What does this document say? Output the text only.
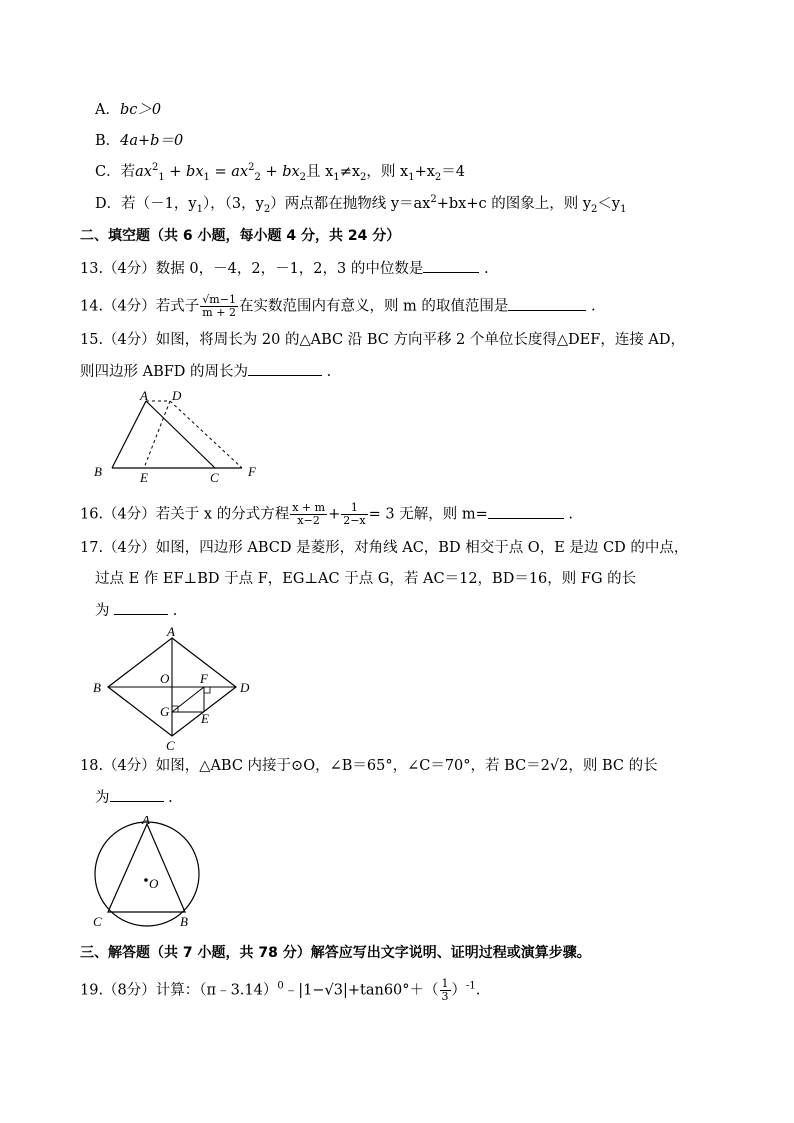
A．bc＞0
B．4a+b＝0
C．若$ax^2_1 + bx_1 = ax^2_2 + bx_2$且 $x_1\ne x_2$，则 $x_1+x_2=4$
D．若（－1，$y_1$），（3，$y_2$）两点都在抛物线 $y=ax^2+bx+c$ 的图象上，则 $y_2<y_1$
二、填空题（共 6 小题，每小题 4 分，共 24 分）
13.（4分）数据 0，－4，2，－1，2，3 的中位数是	.
14.（4分）若式子 $\frac{√m-1}{m + 2}$ 在实数范围内有意义，则 m 的取值范围是	.
15.（4分）如图，将周长为 20 的△ABC 沿 BC 方向平移 2 个单位长度得△DEF，连接 AD，
则四边形 ABFD 的周长为	.
A D
B	E	C F
16.（4分）若关于 x 的分式方程 $\frac{x + m}{x-2} + \frac{1}{2-x} = 3$ 无解，则 m=	.
17.（4分）如图，四边形 ABCD 是菱形，对角线 AC，BD 相交于点 O，E 是边 CD 的中点，
过点 E 作 EF⊥BD 于点 F，EG⊥AC 于点 G，若 AC＝12，BD＝16，则 FG 的长
为	.
A
B
C
D
O F
G E
18.（4分）如图，△ABC 内接于⊙O，∠B＝65°，∠C＝70°，若 BC＝2√2，则 BC 的长
为	.
A
C	B
O
三、解答题（共 7 小题，共 78 分）解答应写出文字说明、证明过程或演算步骤。
19.（8分）计算：（π﹣3.14）$^0$﹣|1−√3|+tan60°＋（ $\frac{1}{3} )^{-1}$.
